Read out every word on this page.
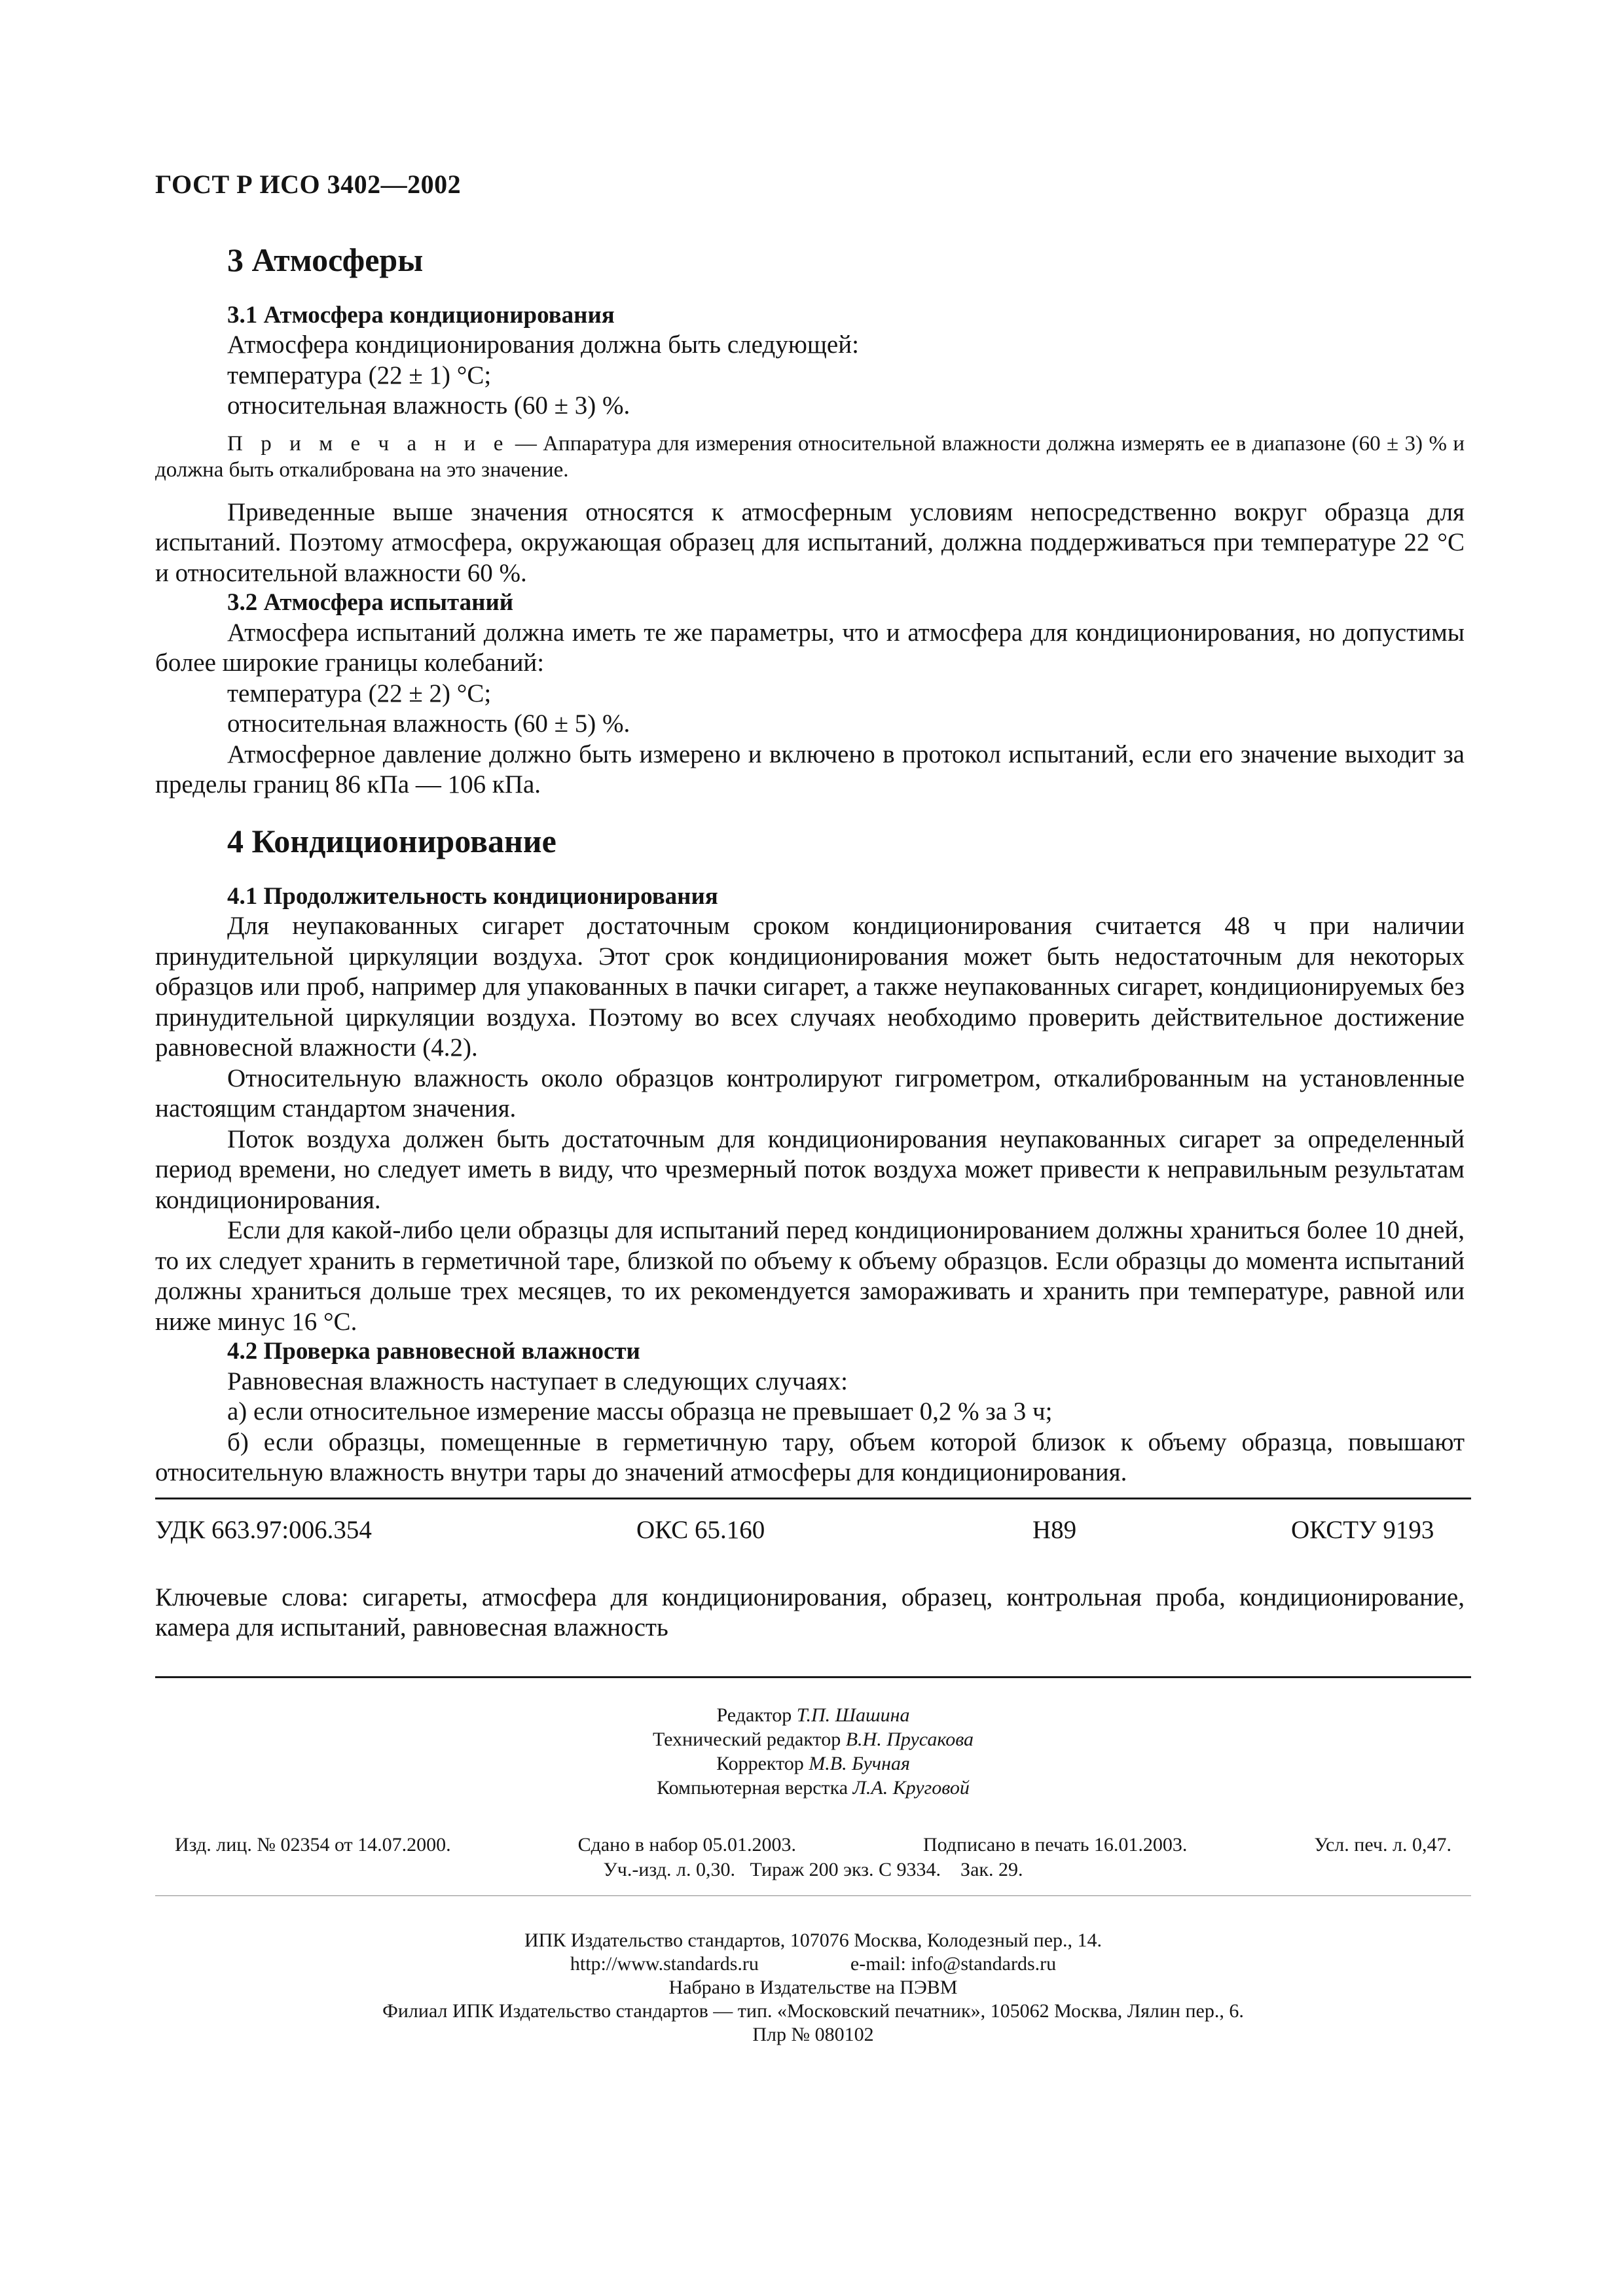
ГОСТ Р ИСО 3402—2002
3 Атмосферы
3.1 Атмосфера кондиционирования
Атмосфера кондиционирования должна быть следующей:
температура (22 ± 1) °С;
относительная влажность (60 ± 3) %.

П р и м е ч а н и е — Аппаратура для измерения относительной влажности должна измерять ее в диапазоне (60 ± 3) % и должна быть откалибрована на это значение.

Приведенные выше значения относятся к атмосферным условиям непосредственно вокруг образца для испытаний. Поэтому атмосфера, окружающая образец для испытаний, должна поддерживаться при температуре 22 °С и относительной влажности 60 %.

3.2 Атмосфера испытаний

Атмосфера испытаний должна иметь те же параметры, что и атмосфера для кондиционирования, но допустимы более широкие границы колебаний:

температура (22 ± 2) °С;
относительная влажность (60 ± 5) %.

Атмосферное давление должно быть измерено и включено в протокол испытаний, если его значение выходит за пределы границ 86 кПа — 106 кПа.

4 Кондиционирование
4.1 Продолжительность кондиционирования

Для неупакованных сигарет достаточным сроком кондиционирования считается 48 ч при наличии принудительной циркуляции воздуха. Этот срок кондиционирования может быть недостаточным для некоторых образцов или проб, например для упакованных в пачки сигарет, а также неупакованных сигарет, кондиционируемых без принудительной циркуляции воздуха. Поэтому во всех случаях необходимо проверить действительное достижение равновесной влажности (4.2).

Относительную влажность около образцов контролируют гигрометром, откалиброванным на установленные настоящим стандартом значения.

Поток воздуха должен быть достаточным для кондиционирования неупакованных сигарет за определенный период времени, но следует иметь в виду, что чрезмерный поток воздуха может привести к неправильным результатам кондиционирования.

Если для какой-либо цели образцы для испытаний перед кондиционированием должны храниться более 10 дней, то их следует хранить в герметичной таре, близкой по объему к объему образцов. Если образцы до момента испытаний должны храниться дольше трех месяцев, то их рекомендуется замораживать и хранить при температуре, равной или ниже минус 16 °С.

4.2 Проверка равновесной влажности
Равновесная влажность наступает в следующих случаях:
а) если относительное измерение массы образца не превышает 0,2 % за 3 ч;

б) если образцы, помещенные в герметичную тару, объем которой близок к объему образца, повышают относительную влажность внутри тары до значений атмосферы для кондиционирования.

УДК 663.97:006.354	ОКС 65.160	Н89	ОКСТУ 9193
Ключевые слова: сигареты, атмосфера для кондиционирования, образец, контрольная проба, кондиционирование, камера для испытаний, равновесная влажность
Редактор Т.П. Шашина
Технический редактор В.Н. Прусакова
Корректор М.В. Бучная
Компьютерная верстка Л.А. Круговой
Изд. лиц. № 02354 от 14.07.2000.	Сдано в набор 05.01.2003.	Подписано в печать 16.01.2003.	Усл. печ. л. 0,47.
Уч.-изд. л. 0,30.   Тираж 200 экз. С 9334.    Зак. 29.
ИПК Издательство стандартов, 107076 Москва, Колодезный пер., 14.
http://www.standards.ru	e-mail: info@standards.ru
Набрано в Издательстве на ПЭВМ
Филиал ИПК Издательство стандартов — тип. «Московский печатник», 105062 Москва, Лялин пер., 6.
Плр № 080102
